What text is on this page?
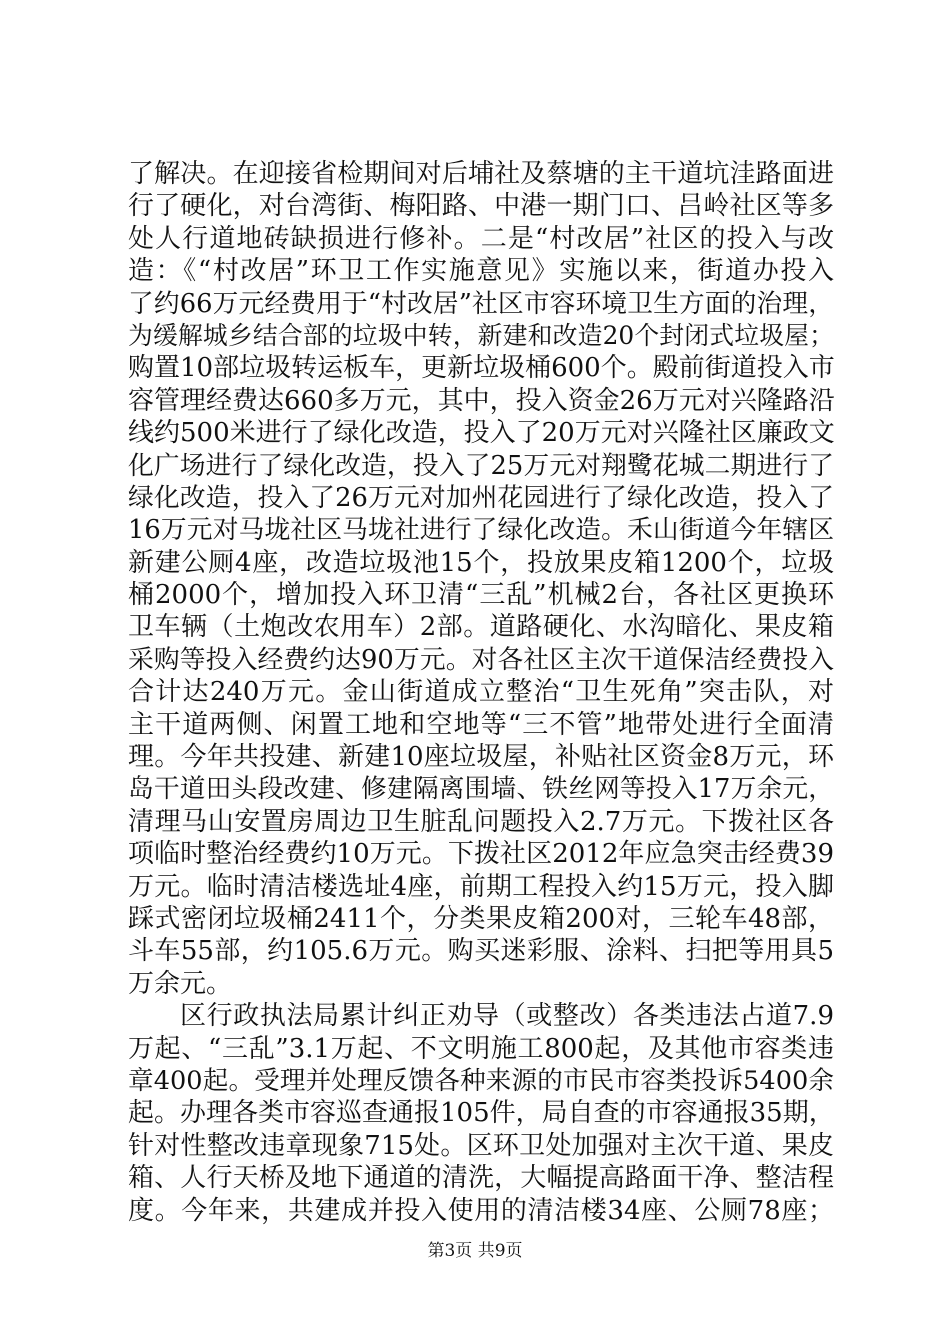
了解决。在迎接省检期间对后埔社及蔡塘的主干道坑洼路面进
行了硬化，对台湾街、梅阳路、中港一期门口、吕岭社区等多
处人行道地砖缺损进行修补。二是“村改居”社区的投入与改
造：《“村改居”环卫工作实施意见》实施以来，街道办投入
了约66万元经费用于“村改居”社区市容环境卫生方面的治理，
为缓解城乡结合部的垃圾中转，新建和改造20个封闭式垃圾屋；
购置10部垃圾转运板车，更新垃圾桶600个。殿前街道投入市
容管理经费达660多万元，其中，投入资金26万元对兴隆路沿
线约500米进行了绿化改造，投入了20万元对兴隆社区廉政文
化广场进行了绿化改造，投入了25万元对翔鹭花城二期进行了
绿化改造，投入了26万元对加州花园进行了绿化改造，投入了
16万元对马垅社区马垅社进行了绿化改造。禾山街道今年辖区
新建公厕4座，改造垃圾池15个，投放果皮箱1200个，垃圾
桶2000个，增加投入环卫清“三乱”机械2台，各社区更换环
卫车辆（土炮改农用车）2部。道路硬化、水沟暗化、果皮箱
采购等投入经费约达90万元。对各社区主次干道保洁经费投入
合计达240万元。金山街道成立整治“卫生死角”突击队，对
主干道两侧、闲置工地和空地等“三不管”地带处进行全面清
理。今年共投建、新建10座垃圾屋，补贴社区资金8万元，环
岛干道田头段改建、修建隔离围墙、铁丝网等投入17万余元，
清理马山安置房周边卫生脏乱问题投入2.7万元。下拨社区各
项临时整治经费约10万元。下拨社区2012年应急突击经费39
万元。临时清洁楼选址4座，前期工程投入约15万元，投入脚
踩式密闭垃圾桶2411个，分类果皮箱200对，三轮车48部，
斗车55部，约105.6万元。购买迷彩服、涂料、扫把等用具5
万余元。
区行政执法局累计纠正劝导（或整改）各类违法占道7.9
万起、“三乱”3.1万起、不文明施工800起，及其他市容类违
章400起。受理并处理反馈各种来源的市民市容类投诉5400余
起。办理各类市容巡查通报105件，局自查的市容通报35期，
针对性整改违章现象715处。区环卫处加强对主次干道、果皮
箱、人行天桥及地下通道的清洗，大幅提高路面干净、整洁程
度。今年来，共建成并投入使用的清洁楼34座、公厕78座；
第3页 共9页
